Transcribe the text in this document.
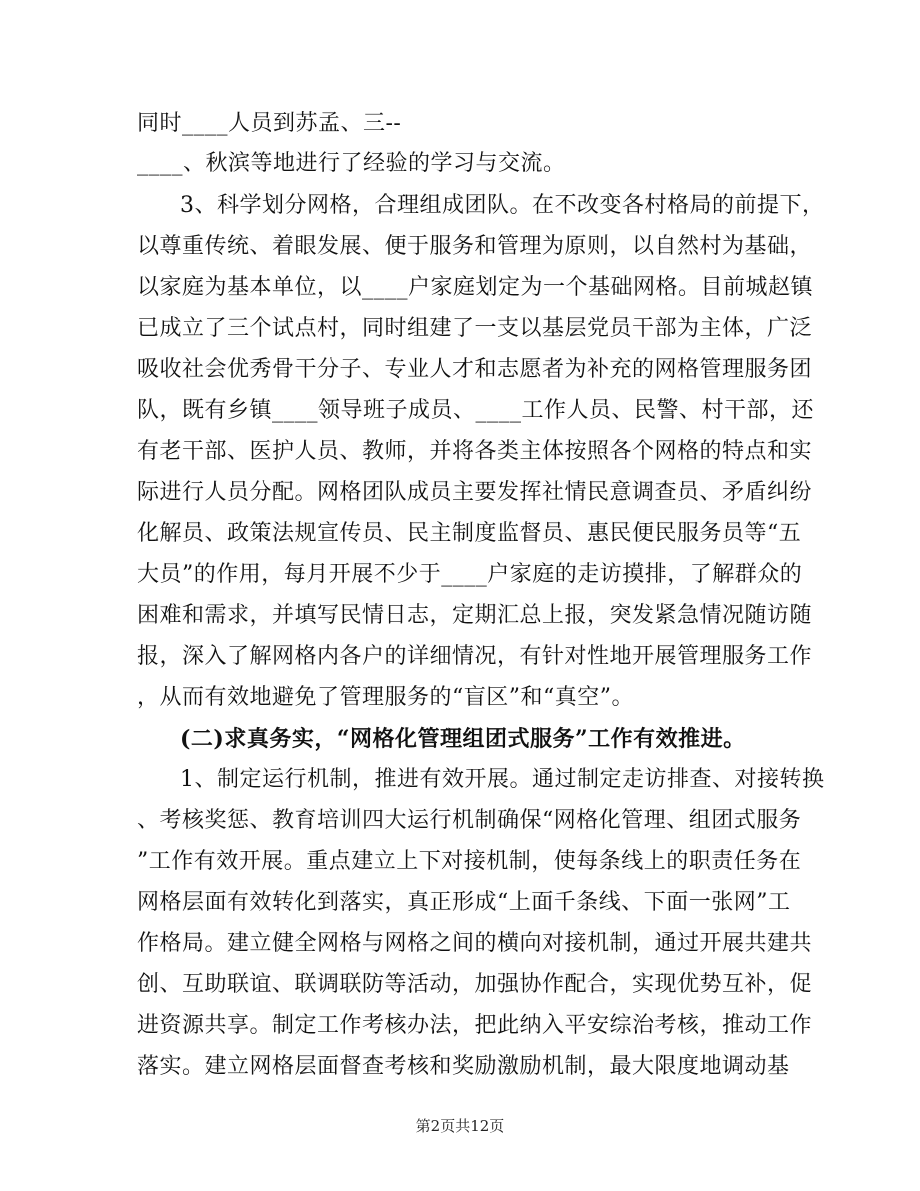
同时____人员到苏孟、三--
____、秋滨等地进行了经验的学习与交流。
3、科学划分网格，合理组成团队。在不改变各村格局的前提下，
以尊重传统、着眼发展、便于服务和管理为原则，以自然村为基础，
以家庭为基本单位，以____户家庭划定为一个基础网格。目前城赵镇
已成立了三个试点村，同时组建了一支以基层党员干部为主体，广泛
吸收社会优秀骨干分子、专业人才和志愿者为补充的网格管理服务团
队，既有乡镇____领导班子成员、____工作人员、民警、村干部，还
有老干部、医护人员、教师，并将各类主体按照各个网格的特点和实
际进行人员分配。网格团队成员主要发挥社情民意调查员、矛盾纠纷
化解员、政策法规宣传员、民主制度监督员、惠民便民服务员等“五
大员”的作用，每月开展不少于____户家庭的走访摸排，了解群众的
困难和需求，并填写民情日志，定期汇总上报，突发紧急情况随访随
报，深入了解网格内各户的详细情况，有针对性地开展管理服务工作
，从而有效地避免了管理服务的“盲区”和“真空”。
(二)求真务实，“网格化管理组团式服务”工作有效推进。
1、制定运行机制，推进有效开展。通过制定走访排查、对接转换
、考核奖惩、教育培训四大运行机制确保“网格化管理、组团式服务
”工作有效开展。重点建立上下对接机制，使每条线上的职责任务在
网格层面有效转化到落实，真正形成“上面千条线、下面一张网”工
作格局。建立健全网格与网格之间的横向对接机制，通过开展共建共
创、互助联谊、联调联防等活动，加强协作配合，实现优势互补，促
进资源共享。制定工作考核办法，把此纳入平安综治考核，推动工作
落实。建立网格层面督查考核和奖励激励机制，最大限度地调动基
第2页共12页
